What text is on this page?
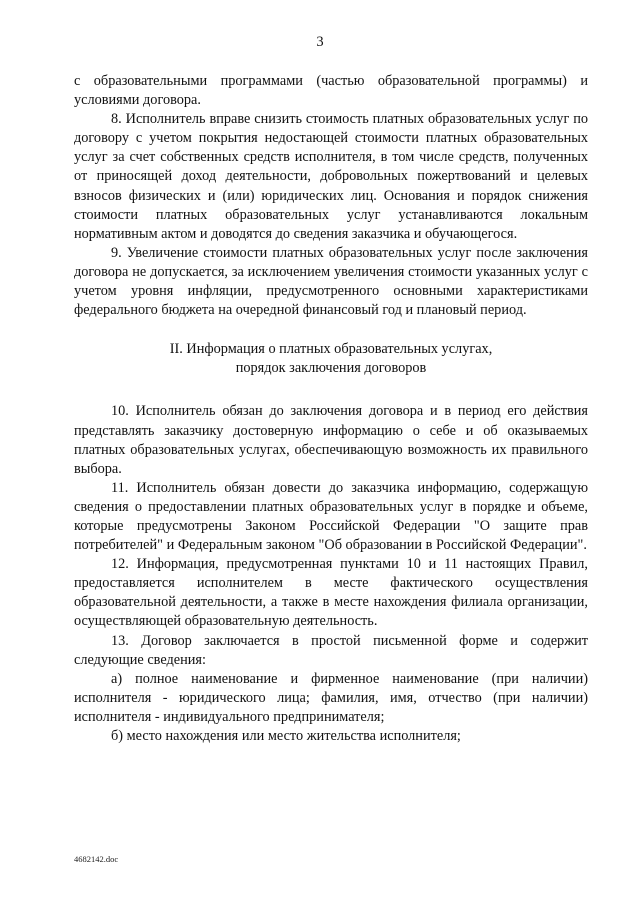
3

с образовательными программами (частью образовательной программы) и условиями договора.

8. Исполнитель вправе снизить стоимость платных образовательных услуг по договору с учетом покрытия недостающей стоимости платных образовательных услуг за счет собственных средств исполнителя, в том числе средств, полученных от приносящей доход деятельности, добровольных пожертвований и целевых взносов физических и (или) юридических лиц. Основания и порядок снижения стоимости платных образовательных услуг устанавливаются локальным нормативным актом и доводятся до сведения заказчика и обучающегося.

9. Увеличение стоимости платных образовательных услуг после заключения договора не допускается, за исключением увеличения стоимости указанных услуг с учетом уровня инфляции, предусмотренного основными характеристиками федерального бюджета на очередной финансовый год и плановый период.

II. Информация о платных образовательных услугах,
порядок заключения договоров

10. Исполнитель обязан до заключения договора и в период его действия представлять заказчику достоверную информацию о себе и об оказываемых платных образовательных услугах, обеспечивающую возможность их правильного выбора.

11. Исполнитель обязан довести до заказчика информацию, содержащую сведения о предоставлении платных образовательных услуг в порядке и объеме, которые предусмотрены Законом Российской Федерации "О защите прав потребителей" и Федеральным законом "Об образовании в Российской Федерации".

12. Информация, предусмотренная пунктами 10 и 11 настоящих Правил, предоставляется исполнителем в месте фактического осуществления образовательной деятельности, а также в месте нахождения филиала организации, осуществляющей образовательную деятельность.

13. Договор заключается в простой письменной форме и содержит следующие сведения:

а) полное наименование и фирменное наименование (при наличии) исполнителя - юридического лица; фамилия, имя, отчество (при наличии) исполнителя - индивидуального предпринимателя;

б) место нахождения или место жительства исполнителя;

4682142.doc
